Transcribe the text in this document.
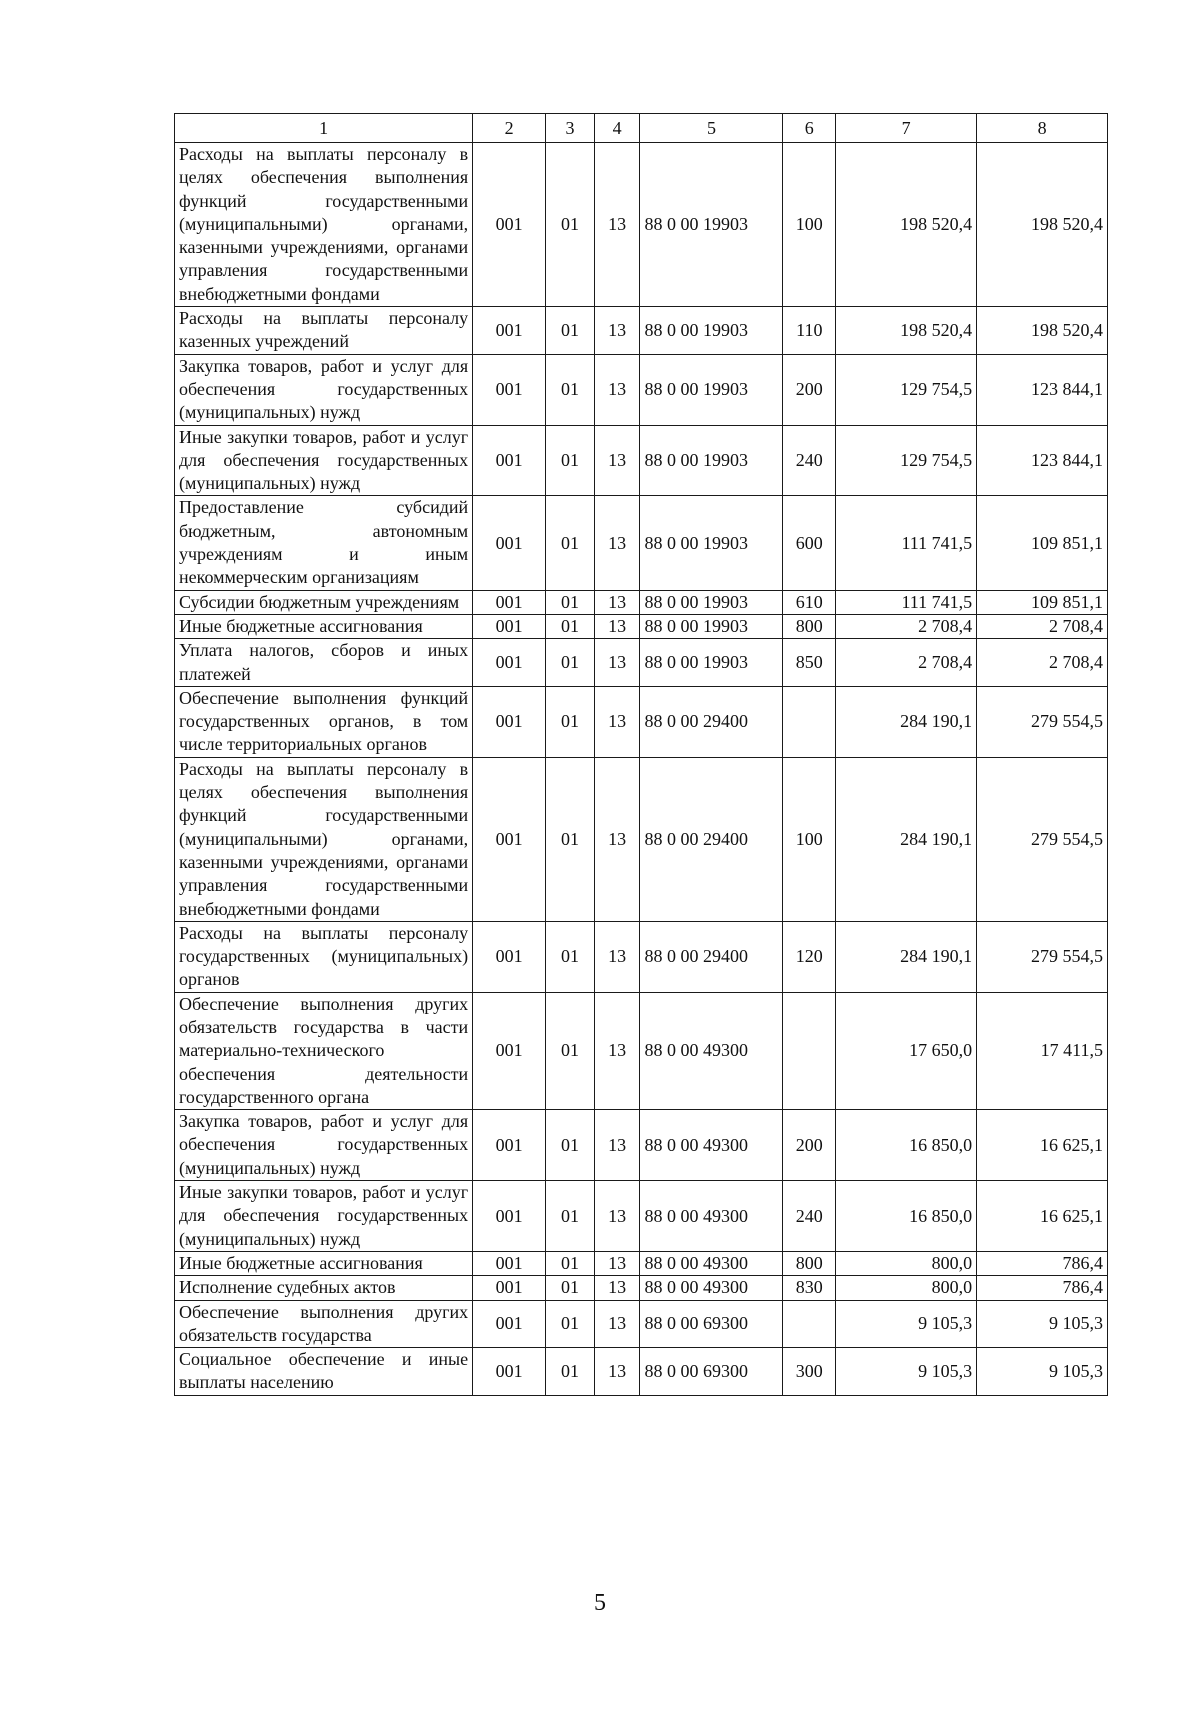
1	2	3	4	5	6	7	8
Расходы на выплаты персоналу в целях обеспечения выполнения функций государственными (муниципальными) органами, казенными учреждениями, органами управления государственными внебюджетными фондами	001	01	13	88 0 00 19903	100	198 520,4	198 520,4
Расходы на выплаты персоналу казенных учреждений	001	01	13	88 0 00 19903	110	198 520,4	198 520,4
Закупка товаров, работ и услуг для обеспечения государственных (муниципальных) нужд	001	01	13	88 0 00 19903	200	129 754,5	123 844,1
Иные закупки товаров, работ и услуг для обеспечения государственных (муниципальных) нужд	001	01	13	88 0 00 19903	240	129 754,5	123 844,1
Предоставление субсидий бюджетным, автономным учреждениям и иным некоммерческим организациям	001	01	13	88 0 00 19903	600	111 741,5	109 851,1
Субсидии бюджетным учреждениям	001	01	13	88 0 00 19903	610	111 741,5	109 851,1
Иные бюджетные ассигнования	001	01	13	88 0 00 19903	800	2 708,4	2 708,4
Уплата налогов, сборов и иных платежей	001	01	13	88 0 00 19903	850	2 708,4	2 708,4
Обеспечение выполнения функций государственных органов, в том числе территориальных органов	001	01	13	88 0 00 29400		284 190,1	279 554,5
Расходы на выплаты персоналу в целях обеспечения выполнения функций государственными (муниципальными) органами, казенными учреждениями, органами управления государственными внебюджетными фондами	001	01	13	88 0 00 29400	100	284 190,1	279 554,5
Расходы на выплаты персоналу государственных (муниципальных) органов	001	01	13	88 0 00 29400	120	284 190,1	279 554,5
Обеспечение выполнения других обязательств государства в части материально-технического обеспечения деятельности государственного органа	001	01	13	88 0 00 49300		17 650,0	17 411,5
Закупка товаров, работ и услуг для обеспечения государственных (муниципальных) нужд	001	01	13	88 0 00 49300	200	16 850,0	16 625,1
Иные закупки товаров, работ и услуг для обеспечения государственных (муниципальных) нужд	001	01	13	88 0 00 49300	240	16 850,0	16 625,1
Иные бюджетные ассигнования	001	01	13	88 0 00 49300	800	800,0	786,4
Исполнение судебных актов	001	01	13	88 0 00 49300	830	800,0	786,4
Обеспечение выполнения других обязательств государства	001	01	13	88 0 00 69300		9 105,3	9 105,3
Социальное обеспечение и иные выплаты населению	001	01	13	88 0 00 69300	300	9 105,3	9 105,3
5
